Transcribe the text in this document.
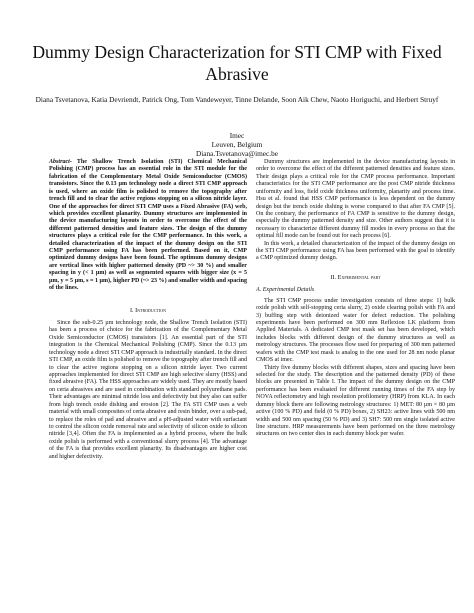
Dummy Design Characterization for STI CMP with Fixed Abrasive
Diana Tsvetanova, Katia Devriendt, Patrick Ong, Tom Vandeweyer, Tinne Delande, Soon Aik Chew, Naoto Horiguchi, and Herbert Struyf
Imec
Leuven, Belgium
Diana.Tsvetanova@imec.be

Abstract- The Shallow Trench Isolation (STI) Chemical Mechanical Polishing (CMP) process has an essential role in the STI module for the fabrication of the Complementary Metal Oxide Semiconductor (CMOS) transistors. Since the 0.13 µm technology node a direct STI CMP approach is used, where an oxide film is polished to remove the topography after trench fill and to clear the active regions stopping on a silicon nitride layer. One of the approaches for direct STI CMP uses a Fixed Abrasive (FA) web, which provides excellent planarity. Dummy structures are implemented in the device manufacturing layouts in order to overcome the effect of the different patterned densities and feature sizes. The design of the dummy structures plays a critical role for the CMP performance. In this work, a detailed characterization of the impact of the dummy design on the STI CMP performance using FA has been performed. Based on it, CMP optimized dummy designs have been found. The optimum dummy designs are vertical lines with higher patterned density (PD ~> 30 %) and smaller spacing in y (< 1 µm) as well as segmented squares with bigger size (x = 5 µm, y = 5 µm, s = 1 µm), higher PD (~> 23 %) and smaller width and spacing of the lines.

I. Introduction

Since the sub-0.25 µm technology node, the Shallow Trench Isolation (STI) has been a process of choice for the fabrication of the Complementary Metal Oxide Semiconductor (CMOS) transistors [1]. An essential part of the STI integration is the Chemical Mechanical Polishing (CMP). Since the 0.13 µm technology node a direct STI CMP approach is industrially standard. In the direct STI CMP, an oxide film is polished to remove the topography after trench fill and to clear the active regions stopping on a silicon nitride layer. Two current approaches implemented for direct STI CMP are high selective slurry (HSS) and fixed abrasive (FA). The HSS approaches are widely used. They are mostly based on ceria abrasives and are used in combination with standard polyurethane pads. Their advantages are minimal nitride loss and defectivity but they also can suffer from high trench oxide dishing and erosion [2]. The FA STI CMP uses a web material with small composites of ceria abrasive and resin binder, over a sub-pad, to replace the roles of pad and abrasive and a pH-adjusted water with surfactant to control the silicon oxide removal rate and selectivity of silicon oxide to silicon nitride [3,4]. Often the FA is implemented as a hybrid process, where the bulk oxide polish is performed with a conventional slurry process [4]. The advantage of the FA is that provides excellent planarity. Its disadvantages are higher cost and higher defectivity.

Dummy structures are implemented in the device manufacturing layouts in order to overcome the effect of the different patterned densities and feature sizes. Their design plays a critical role for the CMP process performance. Important characteristics for the STI CMP performance are the post CMP nitride thickness uniformity and loss, field oxide thickness uniformity, planarity and process time. Hsu et al. found that HSS CMP performance is less dependent on the dummy design but the trench oxide dishing is worse compared to that after FA CMP [5]. On the contrary, the performance of FA CMP is sensitive to the dummy design, especially the dummy patterned density and size. Other authors suggest that it is necessary to characterize different dummy fill modes in every process so that the optimal fill mode can be found out for each process [6].

In this work, a detailed characterization of the impact of the dummy design on the STI CMP performance using FA has been performed with the goal to identify a CMP optimized dummy design.

II. Experimental part
A. Experimental Details

The STI CMP process under investigation consists of three steps: 1) bulk oxide polish with self-stopping ceria slurry, 2) oxide clearing polish with FA and 3) buffing step with deionized water for defect reduction. The polishing experiments have been performed on 300 mm Reflexion LK platform from Applied Materials. A dedicated CMP test mask set has been developed, which includes blocks with different design of the dummy structures as well as metrology structures. The processes flow used for preparing of 300 mm patterned wafers with the CMP test mask is analog to the one used for 28 nm node planar CMOS at imec.

Thirty five dummy blocks with different shapes, sizes and spacing have been selected for the study. The description and the patterned density (PD) of these blocks are presented in Table I. The impact of the dummy design on the CMP performance has been evaluated for different running times of the FA step by NOVA reflectometry and high resolution profilometry (HRP) from KLA. In each dummy block there are following metrology structures: 1) MET: 80 µm × 80 µm active (100 % PD) and field (0 % PD) boxes, 2) SH23: active lines with 500 nm width and 500 nm spacing (50 % PD) and 3) SH7: 500 nm single isolated active line structure. HRP measurements have been performed on the three metrology structures on two center dies in each dummy block per wafer.
